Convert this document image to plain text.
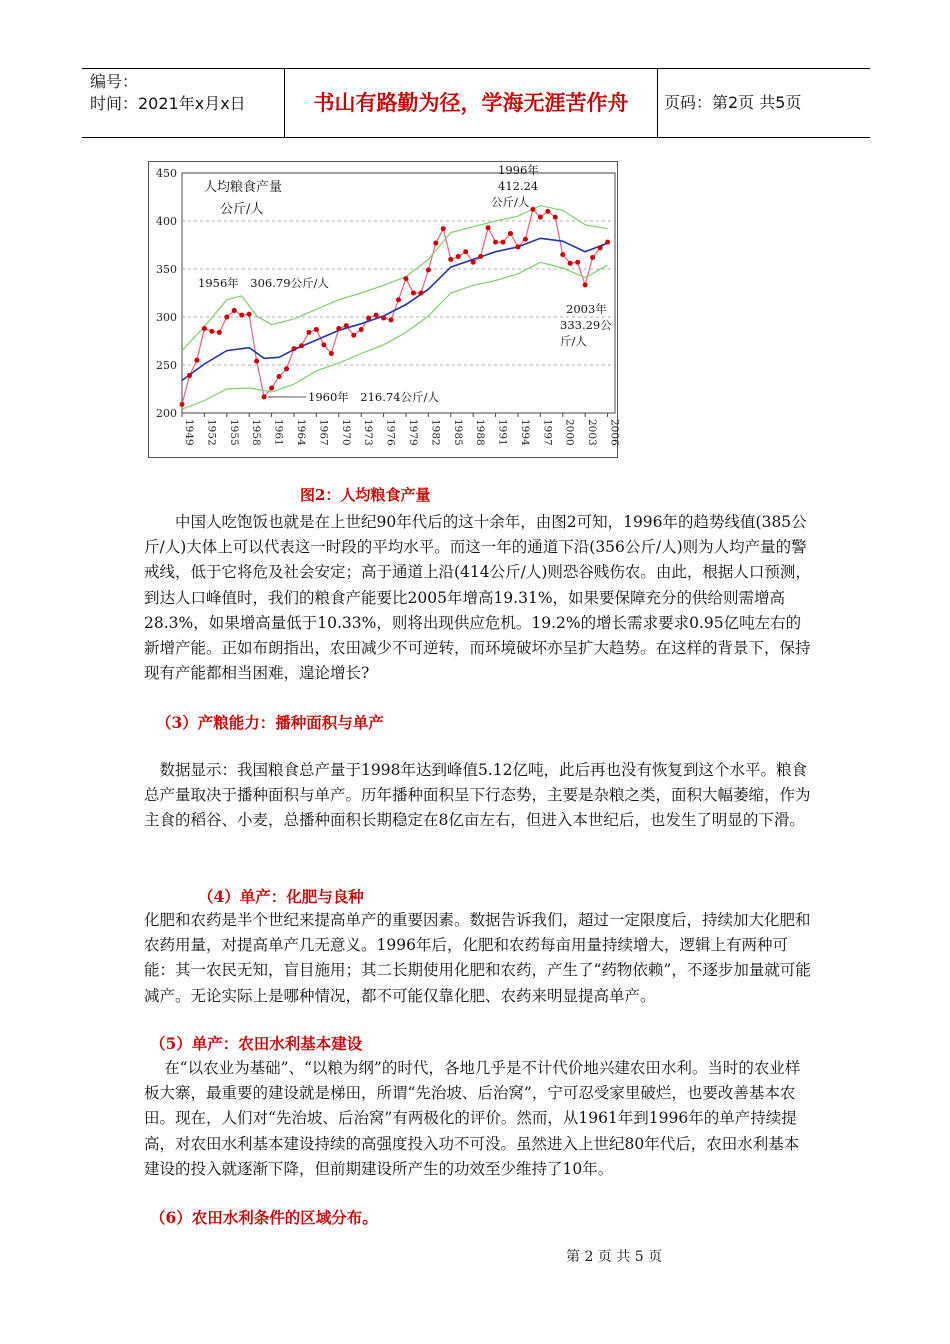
编号：
时间：2021年x月x日	书山有路勤为径，学海无涯苦作舟	页码：第2页 共5页
200
250
300
350
400
450
1949 1952 1955 1958 1961 1964 1967 1970 1973 1976 1979 1982 1985 1988 1991 1994 1997 2000 2003 2006
人均粮食产量
公斤/人
1956年　306.79公斤/人
1960年　216.74公斤/人
1996年
412.24
公斤/人
2003年
333.29公
斤/人
图2：人均粮食产量

中国人吃饱饭也就是在上世纪90年代后的这十余年，由图2可知，1996年的趋势线值(385公斤/人)大体上可以代表这一时段的平均水平。而这一年的通道下沿(356公斤/人)则为人均产量的警戒线，低于它将危及社会安定；高于通道上沿(414公斤/人)则恐谷贱伤农。由此，根据人口预测，到达人口峰值时，我们的粮食产能要比2005年增高19.31%，如果要保障充分的供给则需增高28.3%，如果增高量低于10.33%，则将出现供应危机。19.2%的增长需求要求0.95亿吨左右的新增产能。正如布朗指出，农田减少不可逆转，而环境破坏亦呈扩大趋势。在这样的背景下，保持现有产能都相当困难，遑论增长?

（3）产粮能力：播种面积与单产

数据显示：我国粮食总产量于1998年达到峰值5.12亿吨，此后再也没有恢复到这个水平。粮食总产量取决于播种面积与单产。历年播种面积呈下行态势，主要是杂粮之类，面积大幅萎缩，作为主食的稻谷、小麦，总播种面积长期稳定在8亿亩左右，但进入本世纪后，也发生了明显的下滑。

（4）单产：化肥与良种

化肥和农药是半个世纪来提高单产的重要因素。数据告诉我们，超过一定限度后，持续加大化肥和农药用量，对提高单产几无意义。1996年后，化肥和农药每亩用量持续增大，逻辑上有两种可能：其一农民无知，盲目施用；其二长期使用化肥和农药，产生了“药物依赖”，不逐步加量就可能减产。无论实际上是哪种情况，都不可能仅靠化肥、农药来明显提高单产。

（5）单产：农田水利基本建设

在“以农业为基础”、“以粮为纲”的时代，各地几乎是不计代价地兴建农田水利。当时的农业样板大寨，最重要的建设就是梯田，所谓“先治坡、后治窝”，宁可忍受家里破烂，也要改善基本农田。现在，人们对“先治坡、后治窝”有两极化的评价。然而，从1961年到1996年的单产持续提高，对农田水利基本建设持续的高强度投入功不可没。虽然进入上世纪80年代后，农田水利基本建设的投入就逐渐下降，但前期建设所产生的功效至少维持了10年。

（6）农田水利条件的区域分布。
第 2 页 共 5 页
